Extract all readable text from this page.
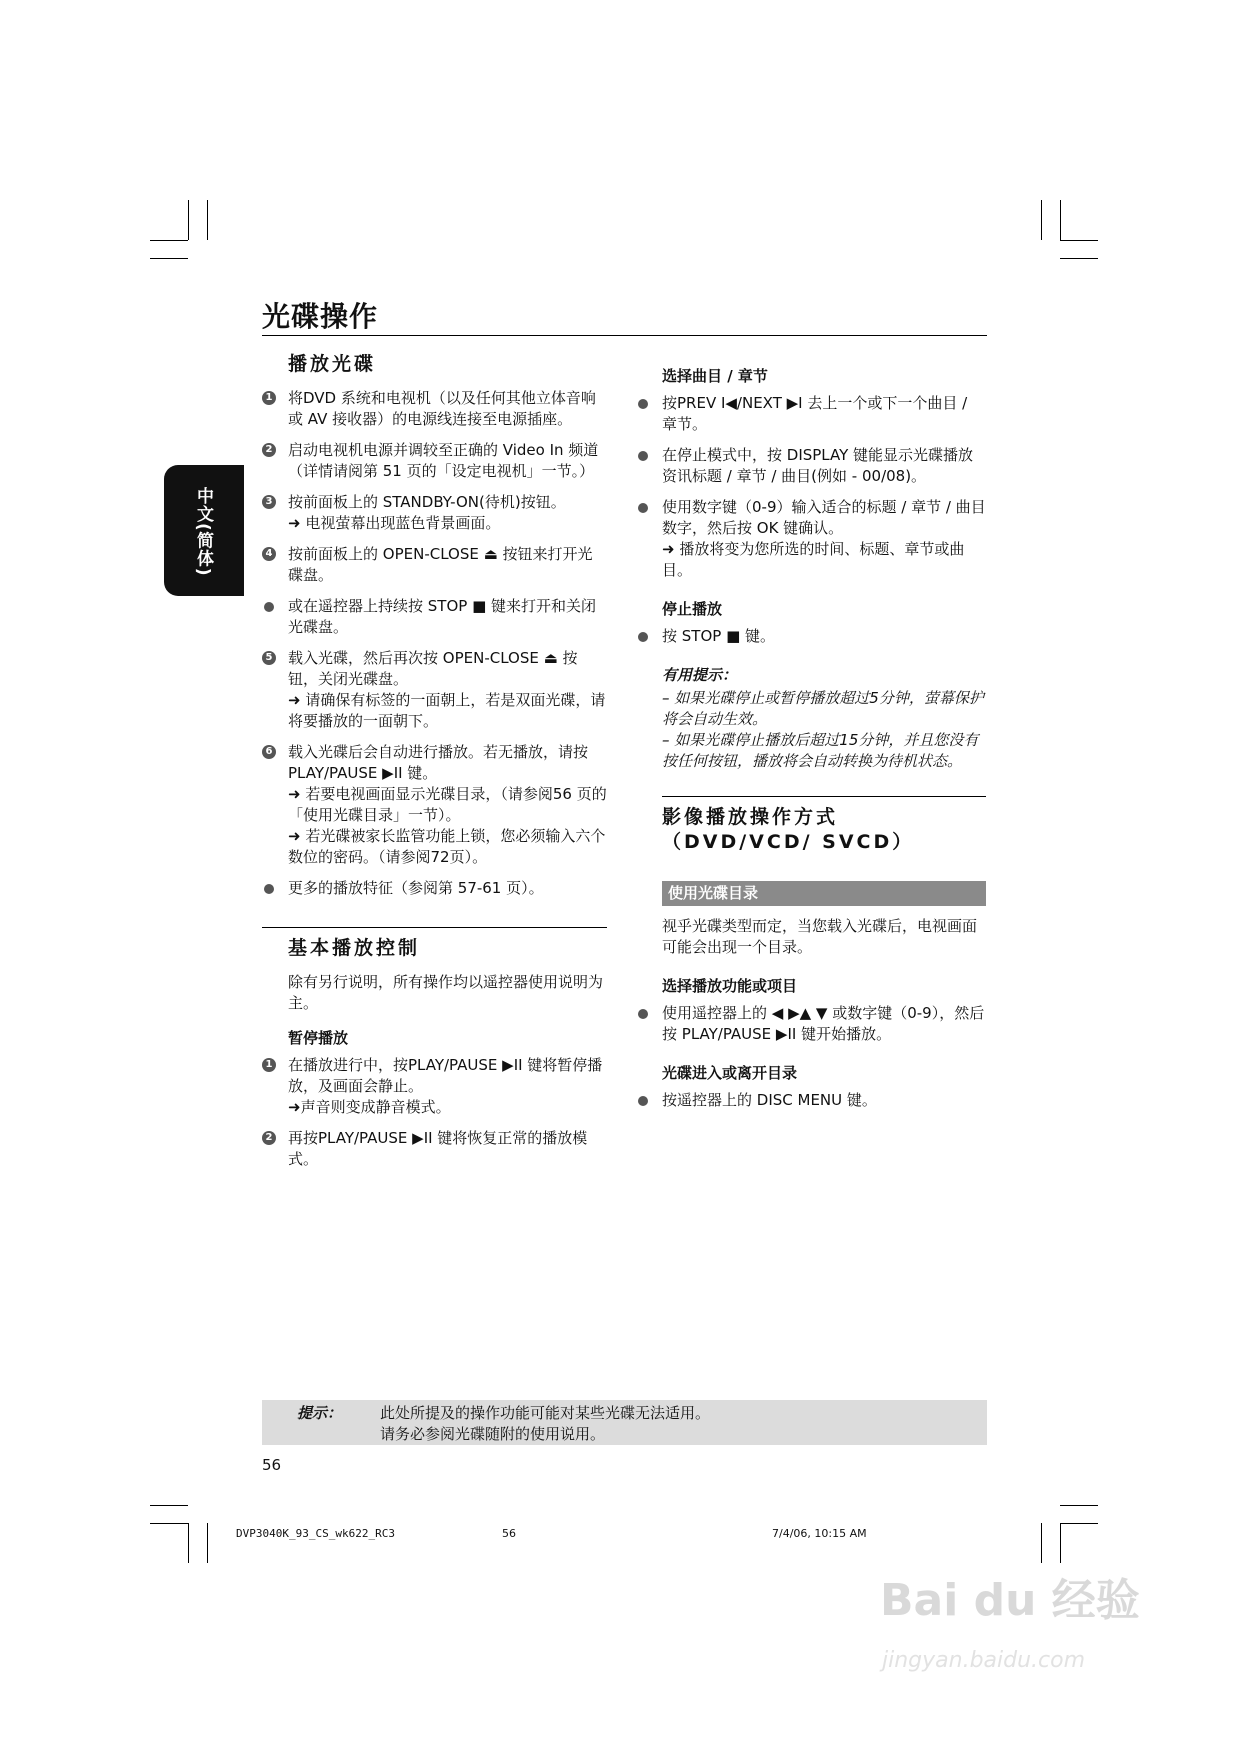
光碟操作
中文(简体)
播放光碟
1 将DVD 系统和电视机（以及任何其他立体音响或 AV 接收器）的电源线连接至电源插座。
2 启动电视机电源并调较至正确的 Video In 频道
（详情请阅第 51 页的「设定电视机」一节。）
3 按前面板上的 STANDBY-ON(待机)按钮。
➜ 电视萤幕出现蓝色背景画面。
4 按前面板上的 OPEN-CLOSE ⏏ 按钮来打开光碟盘。
或在遥控器上持续按 STOP ■ 键来打开和关闭光碟盘。
5 载入光碟，然后再次按 OPEN-CLOSE ⏏ 按钮，关闭光碟盘。
➜ 请确保有标签的一面朝上，若是双面光碟，请将要播放的一面朝下。
6 载入光碟后会自动进行播放。若无播放，请按 PLAY/PAUSE ▶II 键。
➜ 若要电视画面显示光碟目录，（请参阅56 页的「使用光碟目录」一节）。
➜ 若光碟被家长监管功能上锁，您必须输入六个数位的密码。（请参阅72页）。
更多的播放特征（参阅第 57-61 页）。
基本播放控制
除有另行说明，所有操作均以遥控器使用说明为主。
暂停播放
1 在播放进行中，按PLAY/PAUSE ▶II 键将暂停播放，及画面会静止。
➜声音则变成静音模式。
2 再按PLAY/PAUSE ▶II 键将恢复正常的播放模式。
选择曲目 / 章节
按PREV I◀/NEXT ▶I 去上一个或下一个曲目 / 章节。
在停止模式中，按 DISPLAY 键能显示光碟播放资讯标题 / 章节 / 曲目(例如 - 00/08)。
使用数字键（0-9）输入适合的标题 / 章节 / 曲目数字，然后按 OK 键确认。
➜ 播放将变为您所选的时间、标题、章节或曲目。
停止播放
按 STOP ■ 键。
有用提示：
– 如果光碟停止或暂停播放超过5分钟，萤幕保护将会自动生效。
– 如果光碟停止播放后超过15分钟，并且您没有按任何按钮，播放将会自动转换为待机状态。
影像播放操作方式（DVD/VCD/ SVCD）
使用光碟目录
视乎光碟类型而定，当您载入光碟后，电视画面可能会出现一个目录。
选择播放功能或项目
使用遥控器上的 ◀ ▶▲ ▼ 或数字键（0-9），然后按 PLAY/PAUSE ▶II 键开始播放。
光碟进入或离开目录
按遥控器上的 DISC MENU 键。
提示：	此处所提及的操作功能可能对某些光碟无法适用。
请务必参阅光碟随附的使用说用。
56
DVP3040K_93_CS_wk622_RC3	56	7/4/06, 10:15 AM
Bai du 经验
jingyan.baidu.com
